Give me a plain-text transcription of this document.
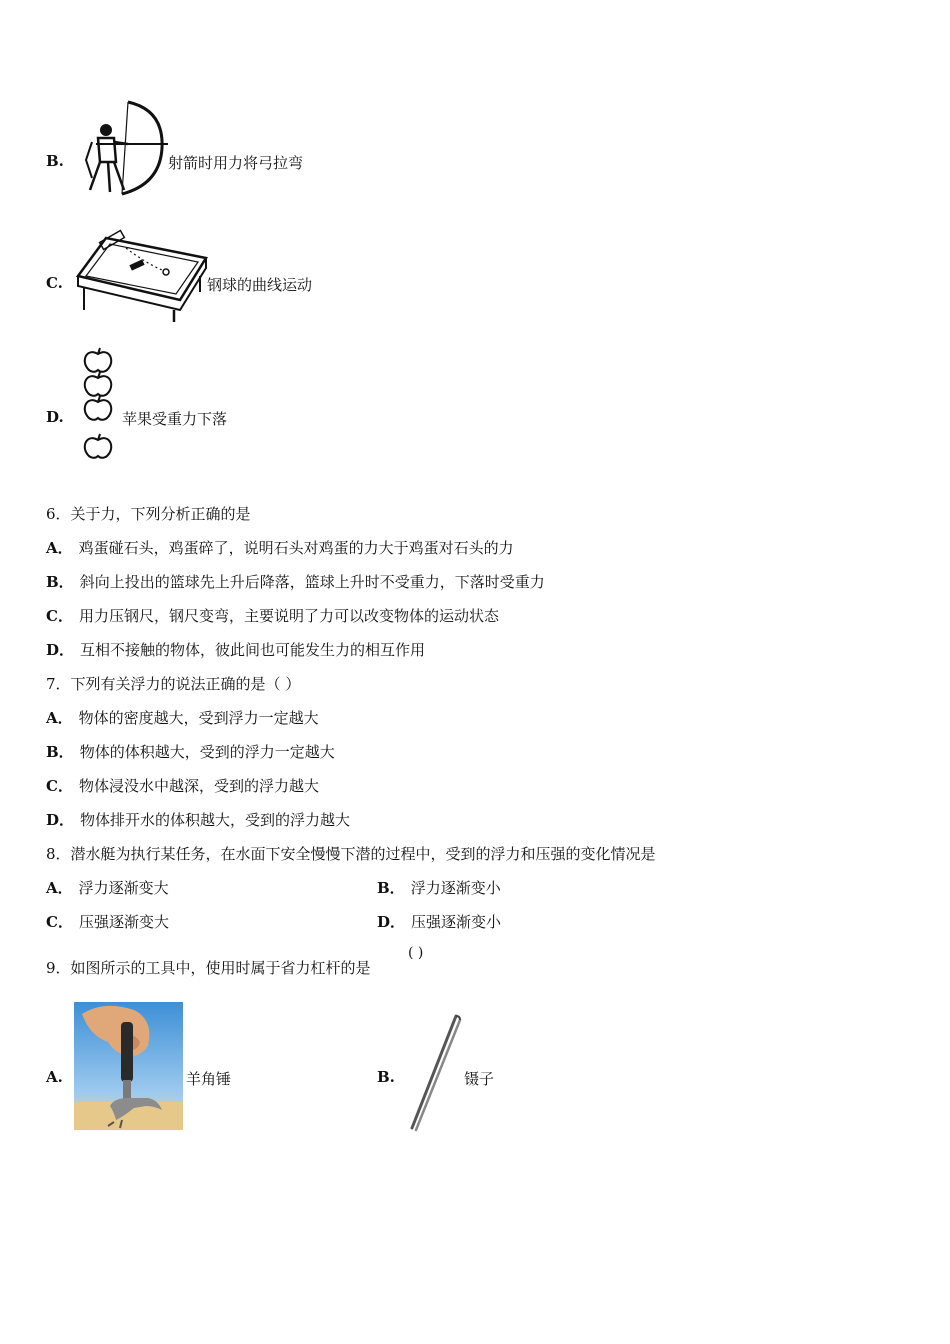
B.	射箭时用力将弓拉弯
C.	钢球的曲线运动
D.	苹果受重力下落
6．关于力，下列分析正确的是
A． 鸡蛋碰石头，鸡蛋碎了，说明石头对鸡蛋的力大于鸡蛋对石头的力
B． 斜向上投出的篮球先上升后降落，篮球上升时不受重力，下落时受重力
C． 用力压钢尺，钢尺变弯，主要说明了力可以改变物体的运动状态
D． 互相不接触的物体，彼此间也可能发生力的相互作用
7．下列有关浮力的说法正确的是（ ）
A． 物体的密度越大，受到浮力一定越大
B． 物体的体积越大，受到的浮力一定越大
C． 物体浸没水中越深，受到的浮力越大
D． 物体排开水的体积越大，受到的浮力越大
8．潜水艇为执行某任务，在水面下安全慢慢下潜的过程中，受到的浮力和压强的变化情况是
A． 浮力逐渐变大	B． 浮力逐渐变小
C． 压强逐渐变大	D． 压强逐渐变小
9．如图所示的工具中，使用时属于省力杠杆的是
( )
A.	羊角锤	B.	镊子
